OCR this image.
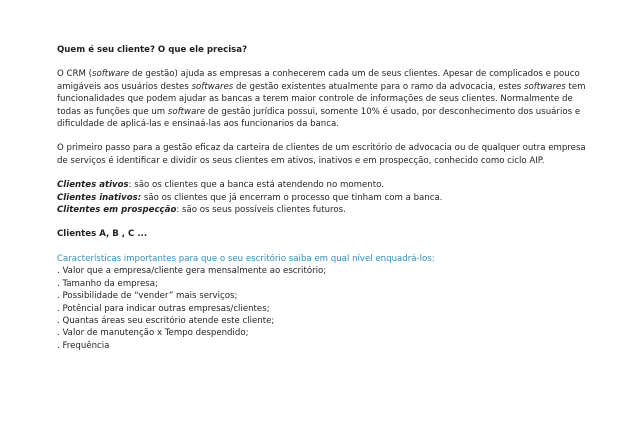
Quem é seu cliente? O que ele precisa?

O CRM (software de gestão) ajuda as empresas a conhecerem cada um de seus clientes. Apesar de complicados e pouco amigáveis aos usuários destes softwares de gestão existentes atualmente para o ramo da advocacia, estes softwares tem funcionalidades que podem ajudar as bancas a terem maior controle de informações de seus clientes. Normalmente de todas as funções que um software de gestão jurídica possui, somente 10% é usado, por desconhecimento dos usuários e dificuldade de aplicá-las e ensinaá-las aos funcionarios da banca.

O primeiro passo para a gestão eficaz da carteira de clientes de um escritório de advocacia ou de qualquer outra empresa de serviços é identificar e dividir os seus clientes em ativos, inativos e em prospecção, conhecido como ciclo AIP.

Clientes ativos: são os clientes que a banca está atendendo no momento.

Clientes inativos: são os clientes que já encerram o processo que tinham com a banca.

Clitentes em prospecção: são os seus possíveis clientes futuros.

Clientes A, B , C ...

Características importantes para que o seu escritório saiba em qual nível enquadrá-los:

. Valor que a empresa/cliente gera mensalmente ao escritório;
. Tamanho da empresa;
. Possibilidade de “vender” mais serviços;
. Potêncial para indicar outras empresas/clientes;
. Quantas áreas seu escritório atende este cliente;
. Valor de manutenção x Tempo despendido;
. Frequência
